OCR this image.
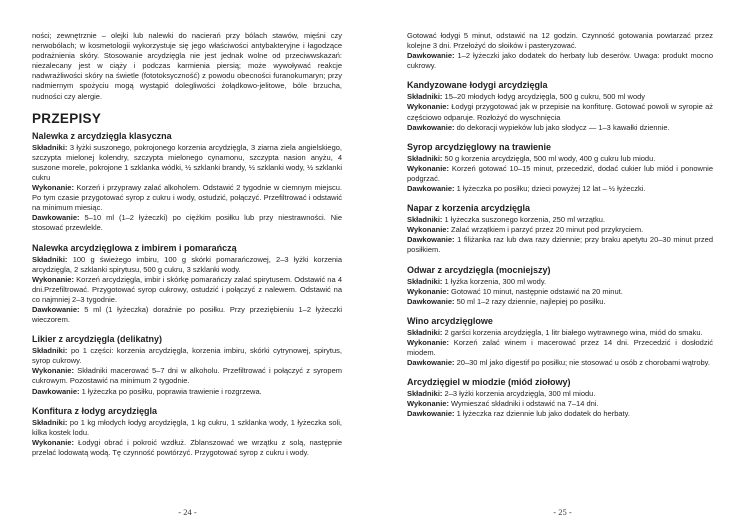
ności; zewnętrznie – olejki lub nalewki do nacierań przy bólach stawów, mięśni czy nerwobólach; w kosmetologii wykorzystuje się jego właściwości antybakteryjne i łagodzące podrażnienia skóry. Stosowanie arcydzięgla nie jest jednak wolne od przeciwwskazań: niezalecany jest w ciąży i podczas karmienia piersią; może wywoływać reakcje nadwrażliwości skóry na świetle (fototoksyczność) z powodu obecności furanokumaryn; przy nadmiernym spożyciu mogą wystąpić dolegliwości żołądkowo-jelitowe, bóle brzucha, nudności czy alergie.

PRZEPISY
Nalewka z arcydzięgla klasyczna

Składniki: 3 łyżki suszonego, pokrojonego korzenia arcydzięgla, 3 ziarna ziela angielskiego, szczypta mielonej kolendry, szczypta mielonego cynamonu, szczypta nasion anyżu, 4 suszone morele, pokrojone 1 szklanka wódki, ½ szklanki brandy, ½ szklanki wody, ½ szklanki cukru

Wykonanie: Korzeń i przyprawy zalać alkoholem. Odstawić 2 tygodnie w ciemnym miejscu. Po tym czasie przygotować syrop z cukru i wody, ostudzić, połączyć. Przefiltrować i odstawić na minimum miesiąc.

Dawkowanie: 5–10 ml (1–2 łyżeczki) po ciężkim posiłku lub przy niestrawności. Nie stosować przewlekle.

Nalewka arcydzięglowa z imbirem i pomarańczą

Składniki: 100 g świeżego imbiru, 100 g skórki pomarańczowej, 2–3 łyżki korzenia arcydzięgla, 2 szklanki spirytusu, 500 g cukru, 3 szklanki wody.

Wykonanie: Korzeń arcydzięgla, imbir i skórkę pomarańczy zalać spirytusem. Odstawić na 4 dni.Przefiltrować. Przygotować syrop cukrowy, ostudzić i połączyć z nalewem. Odstawić na co najmniej 2–3 tygodnie.

Dawkowanie: 5 ml (1 łyżeczka) doraźnie po posiłku. Przy przeziębieniu 1–2 łyżeczki wieczorem.

Likier z arcydzięgla (delikatny)

Składniki: po 1 części: korzenia arcydzięgla, korzenia imbiru, skórki cytrynowej, spirytus, syrop cukrowy.

Wykonanie: Składniki macerować 5–7 dni w alkoholu. Przefiltrować i połączyć z syropem cukrowym. Pozostawić na minimum 2 tygodnie.

Dawkowanie: 1 łyżeczka po posiłku, poprawia trawienie i rozgrzewa.

Konfitura z łodyg arcydzięgla

Składniki: po 1 kg młodych łodyg arcydzięgla, 1 kg cukru, 1 szklanka wody, 1 łyżeczka soli, kilka kostek lodu.

Wykonanie: Łodygi obrać i pokroić wzdłuż. Zblanszować we wrzątku z solą, następnie przelać lodowatą wodą. Tę czynność powtórzyć. Przygotować syrop z cukru i wody.

- 24 -

Gotować łodygi 5 minut, odstawić na 12 godzin. Czynność gotowania powtarzać przez kolejne 3 dni. Przełożyć do słoików i pasteryzować.

Dawkowanie: 1–2 łyżeczki jako dodatek do herbaty lub deserów. Uwaga: produkt mocno cukrowy.

Kandyzowane łodygi arcydzięgla

Składniki: 15–20 młodych łodyg arcydzięgla, 500 g cukru, 500 ml wody

Wykonanie: Łodygi przygotować jak w przepisie na konfiturę. Gotować powoli w syropie aż częściowo odparuje. Rozłożyć do wyschnięcia

Dawkowanie: do dekoracji wypieków lub jako słodycz — 1–3 kawałki dziennie.

Syrop arcydzięglowy na trawienie

Składniki: 50 g korzenia arcydzięgla, 500 ml wody, 400 g cukru lub miodu.

Wykonanie: Korzeń gotować 10–15 minut, przecedzić, dodać cukier lub miód i ponownie podgrzać.

Dawkowanie: 1 łyżeczka po posiłku; dzieci powyżej 12 lat – ½ łyżeczki.

Napar z korzenia arcydzięgla

Składniki: 1 łyżeczka suszonego korzenia, 250 ml wrzątku.

Wykonanie: Zalać wrzątkiem i parzyć przez 20 minut pod przykryciem.

Dawkowanie: 1 filiżanka raz lub dwa razy dziennie; przy braku apetytu 20–30 minut przed posiłkiem.

Odwar z arcydzięgla (mocniejszy)

Składniki: 1 łyżka korzenia, 300 ml wody.

Wykonanie: Gotować 10 minut, następnie odstawić na 20 minut.

Dawkowanie: 50 ml 1–2 razy dziennie, najlepiej po posiłku.

Wino arcydzięglowe

Składniki: 2 garści korzenia arcydzięgla, 1 litr białego wytrawnego wina, miód do smaku.

Wykonanie: Korzeń zalać winem i macerować przez 14 dni. Przecedzić i dosłodzić miodem.

Dawkowanie: 20–30 ml jako digestif po posiłku; nie stosować u osób z chorobami wątroby.

Arcydzięgiel w miodzie (miód ziołowy)

Składniki: 2–3 łyżki korzenia arcydzięgla, 300 ml miodu.

Wykonanie: Wymieszać składniki i odstawić na 7–14 dni.

Dawkowanie: 1 łyżeczka raz dziennie lub jako dodatek do herbaty.

- 25 -
